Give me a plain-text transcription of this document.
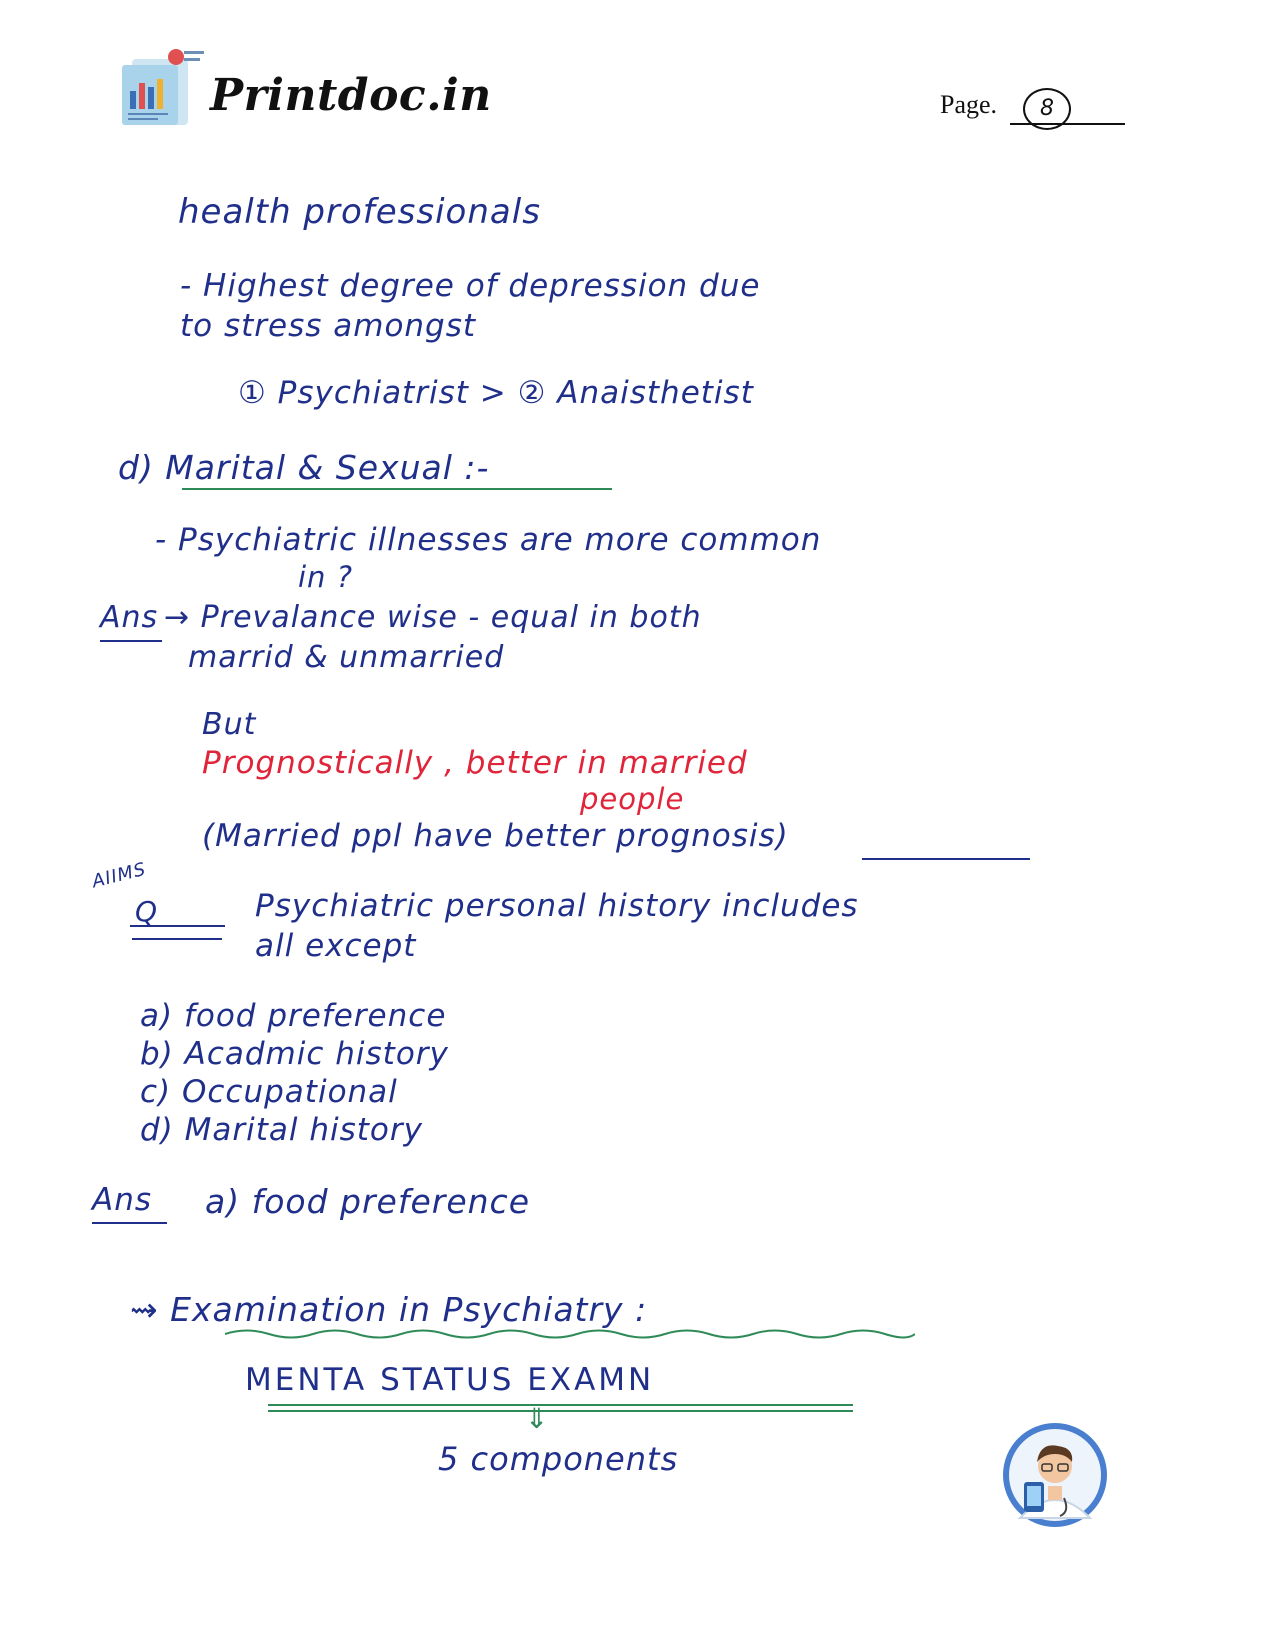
Printdoc.in	Page.	8
health professionals
- Highest degree of depression due
to stress amongst
① Psychiatrist > ② Anaisthetist
d) Marital & Sexual :-
- Psychiatric illnesses are more common
in ?
Ans → Prevalance wise - equal in both
marrid & unmarried
But
Prognostically , better in married
people
(Married ppl have better prognosis)
AIIMS
Q	Psychiatric personal history includes
all except
a) food preference
b) Acadmic history
c) Occupational
d) Marital history
Ans a) food preference
⇝ Examination in Psychiatry :
MENTA STATUS EXAMN
⇓
5 components
